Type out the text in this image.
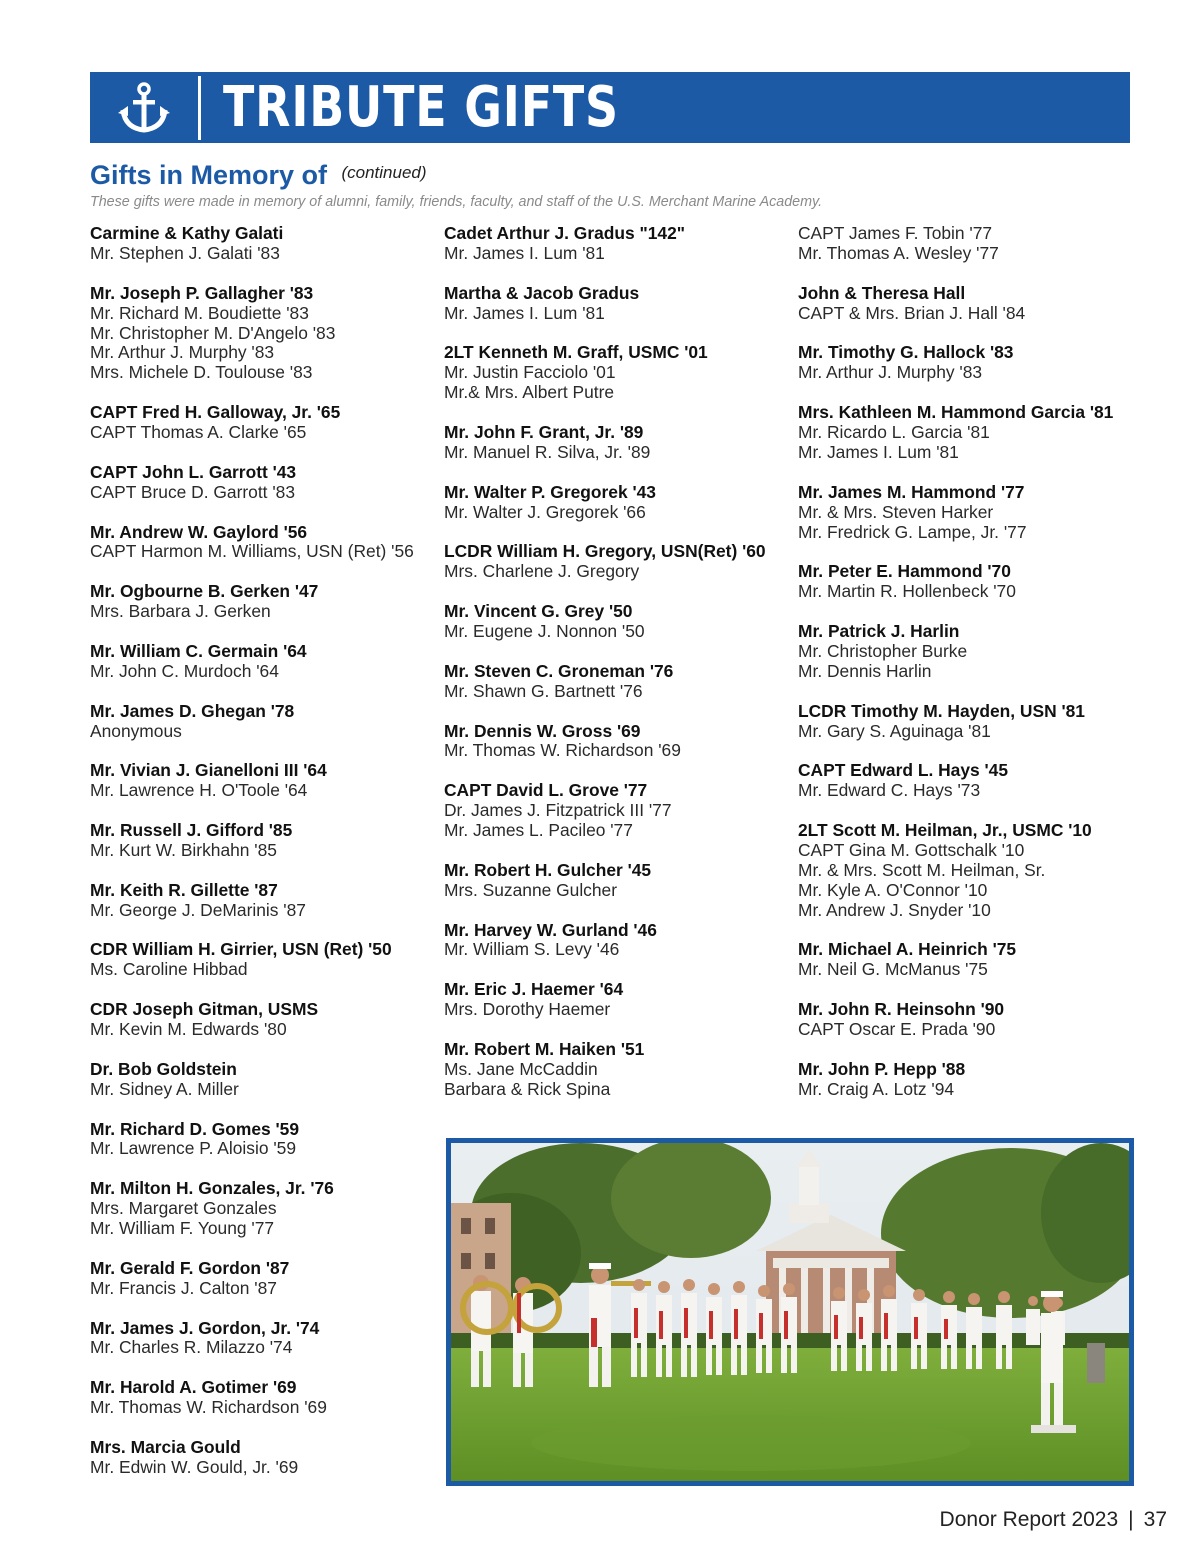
TRIBUTE GIFTS
Gifts in Memory of (continued)
These gifts were made in memory of alumni, family, friends, faculty, and staff of the U.S. Merchant Marine Academy.
Carmine & Kathy Galati
Mr. Stephen J. Galati '83
Mr. Joseph P. Gallagher '83
Mr. Richard M. Boudiette '83
Mr. Christopher M. D'Angelo '83
Mr. Arthur J. Murphy '83
Mrs. Michele D. Toulouse '83
CAPT Fred H. Galloway, Jr. '65
CAPT Thomas A. Clarke '65
CAPT John L. Garrott '43
CAPT Bruce D. Garrott '83
Mr. Andrew W. Gaylord '56
CAPT Harmon M. Williams, USN (Ret) '56
Mr. Ogbourne B. Gerken '47
Mrs. Barbara J. Gerken
Mr. William C. Germain '64
Mr. John C. Murdoch '64
Mr. James D. Ghegan '78
Anonymous
Mr. Vivian J. Gianelloni III '64
Mr. Lawrence H. O'Toole '64
Mr. Russell J. Gifford '85
Mr. Kurt W. Birkhahn '85
Mr. Keith R. Gillette '87
Mr. George J. DeMarinis '87
CDR William H. Girrier, USN (Ret) '50
Ms. Caroline Hibbad
CDR Joseph Gitman, USMS
Mr. Kevin M. Edwards '80
Dr. Bob Goldstein
Mr. Sidney A. Miller
Mr. Richard D. Gomes '59
Mr. Lawrence P. Aloisio '59
Mr. Milton H. Gonzales, Jr. '76
Mrs. Margaret Gonzales
Mr. William F. Young '77
Mr. Gerald F. Gordon '87
Mr. Francis J. Calton '87
Mr. James J. Gordon, Jr. '74
Mr. Charles R. Milazzo '74
Mr. Harold A. Gotimer '69
Mr. Thomas W. Richardson '69
Mrs. Marcia Gould
Mr. Edwin W. Gould, Jr. '69
Cadet Arthur J. Gradus "142"
Mr. James I. Lum '81
Martha & Jacob Gradus
Mr. James I. Lum '81
2LT Kenneth M. Graff, USMC '01
Mr. Justin Facciolo '01
Mr.& Mrs. Albert Putre
Mr. John F. Grant, Jr. '89
Mr. Manuel R. Silva, Jr. '89
Mr. Walter P. Gregorek '43
Mr. Walter J. Gregorek '66
LCDR William H. Gregory, USN(Ret) '60
Mrs. Charlene J. Gregory
Mr. Vincent G. Grey '50
Mr. Eugene J. Nonnon '50
Mr. Steven C. Groneman '76
Mr. Shawn G. Bartnett '76
Mr. Dennis W. Gross '69
Mr. Thomas W. Richardson '69
CAPT David L. Grove '77
Dr. James J. Fitzpatrick III '77
Mr. James L. Pacileo '77
Mr. Robert H. Gulcher '45
Mrs. Suzanne Gulcher
Mr. Harvey W. Gurland '46
Mr. William S. Levy '46
Mr. Eric J. Haemer '64
Mrs. Dorothy Haemer
Mr. Robert M. Haiken '51
Ms. Jane McCaddin
Barbara & Rick Spina
CAPT James F. Tobin '77
Mr. Thomas A. Wesley '77
John & Theresa Hall
CAPT & Mrs. Brian J. Hall '84
Mr. Timothy G. Hallock '83
Mr. Arthur J. Murphy '83
Mrs. Kathleen M. Hammond Garcia '81
Mr. Ricardo L. Garcia '81
Mr. James I. Lum '81
Mr. James M. Hammond '77
Mr. & Mrs. Steven Harker
Mr. Fredrick G. Lampe, Jr. '77
Mr. Peter E. Hammond '70
Mr. Martin R. Hollenbeck '70
Mr. Patrick J. Harlin
Mr. Christopher Burke
Mr. Dennis Harlin
LCDR Timothy M. Hayden, USN '81
Mr. Gary S. Aguinaga '81
CAPT Edward L. Hays '45
Mr. Edward C. Hays '73
2LT Scott M. Heilman, Jr., USMC '10
CAPT Gina M. Gottschalk '10
Mr. & Mrs. Scott M. Heilman, Sr.
Mr. Kyle A. O'Connor '10
Mr. Andrew J. Snyder '10
Mr. Michael A. Heinrich '75
Mr. Neil G. McManus '75
Mr. John R. Heinsohn '90
CAPT Oscar E. Prada '90
Mr. John P. Hepp '88
Mr. Craig A. Lotz '94
Donor Report 2023 | 37
